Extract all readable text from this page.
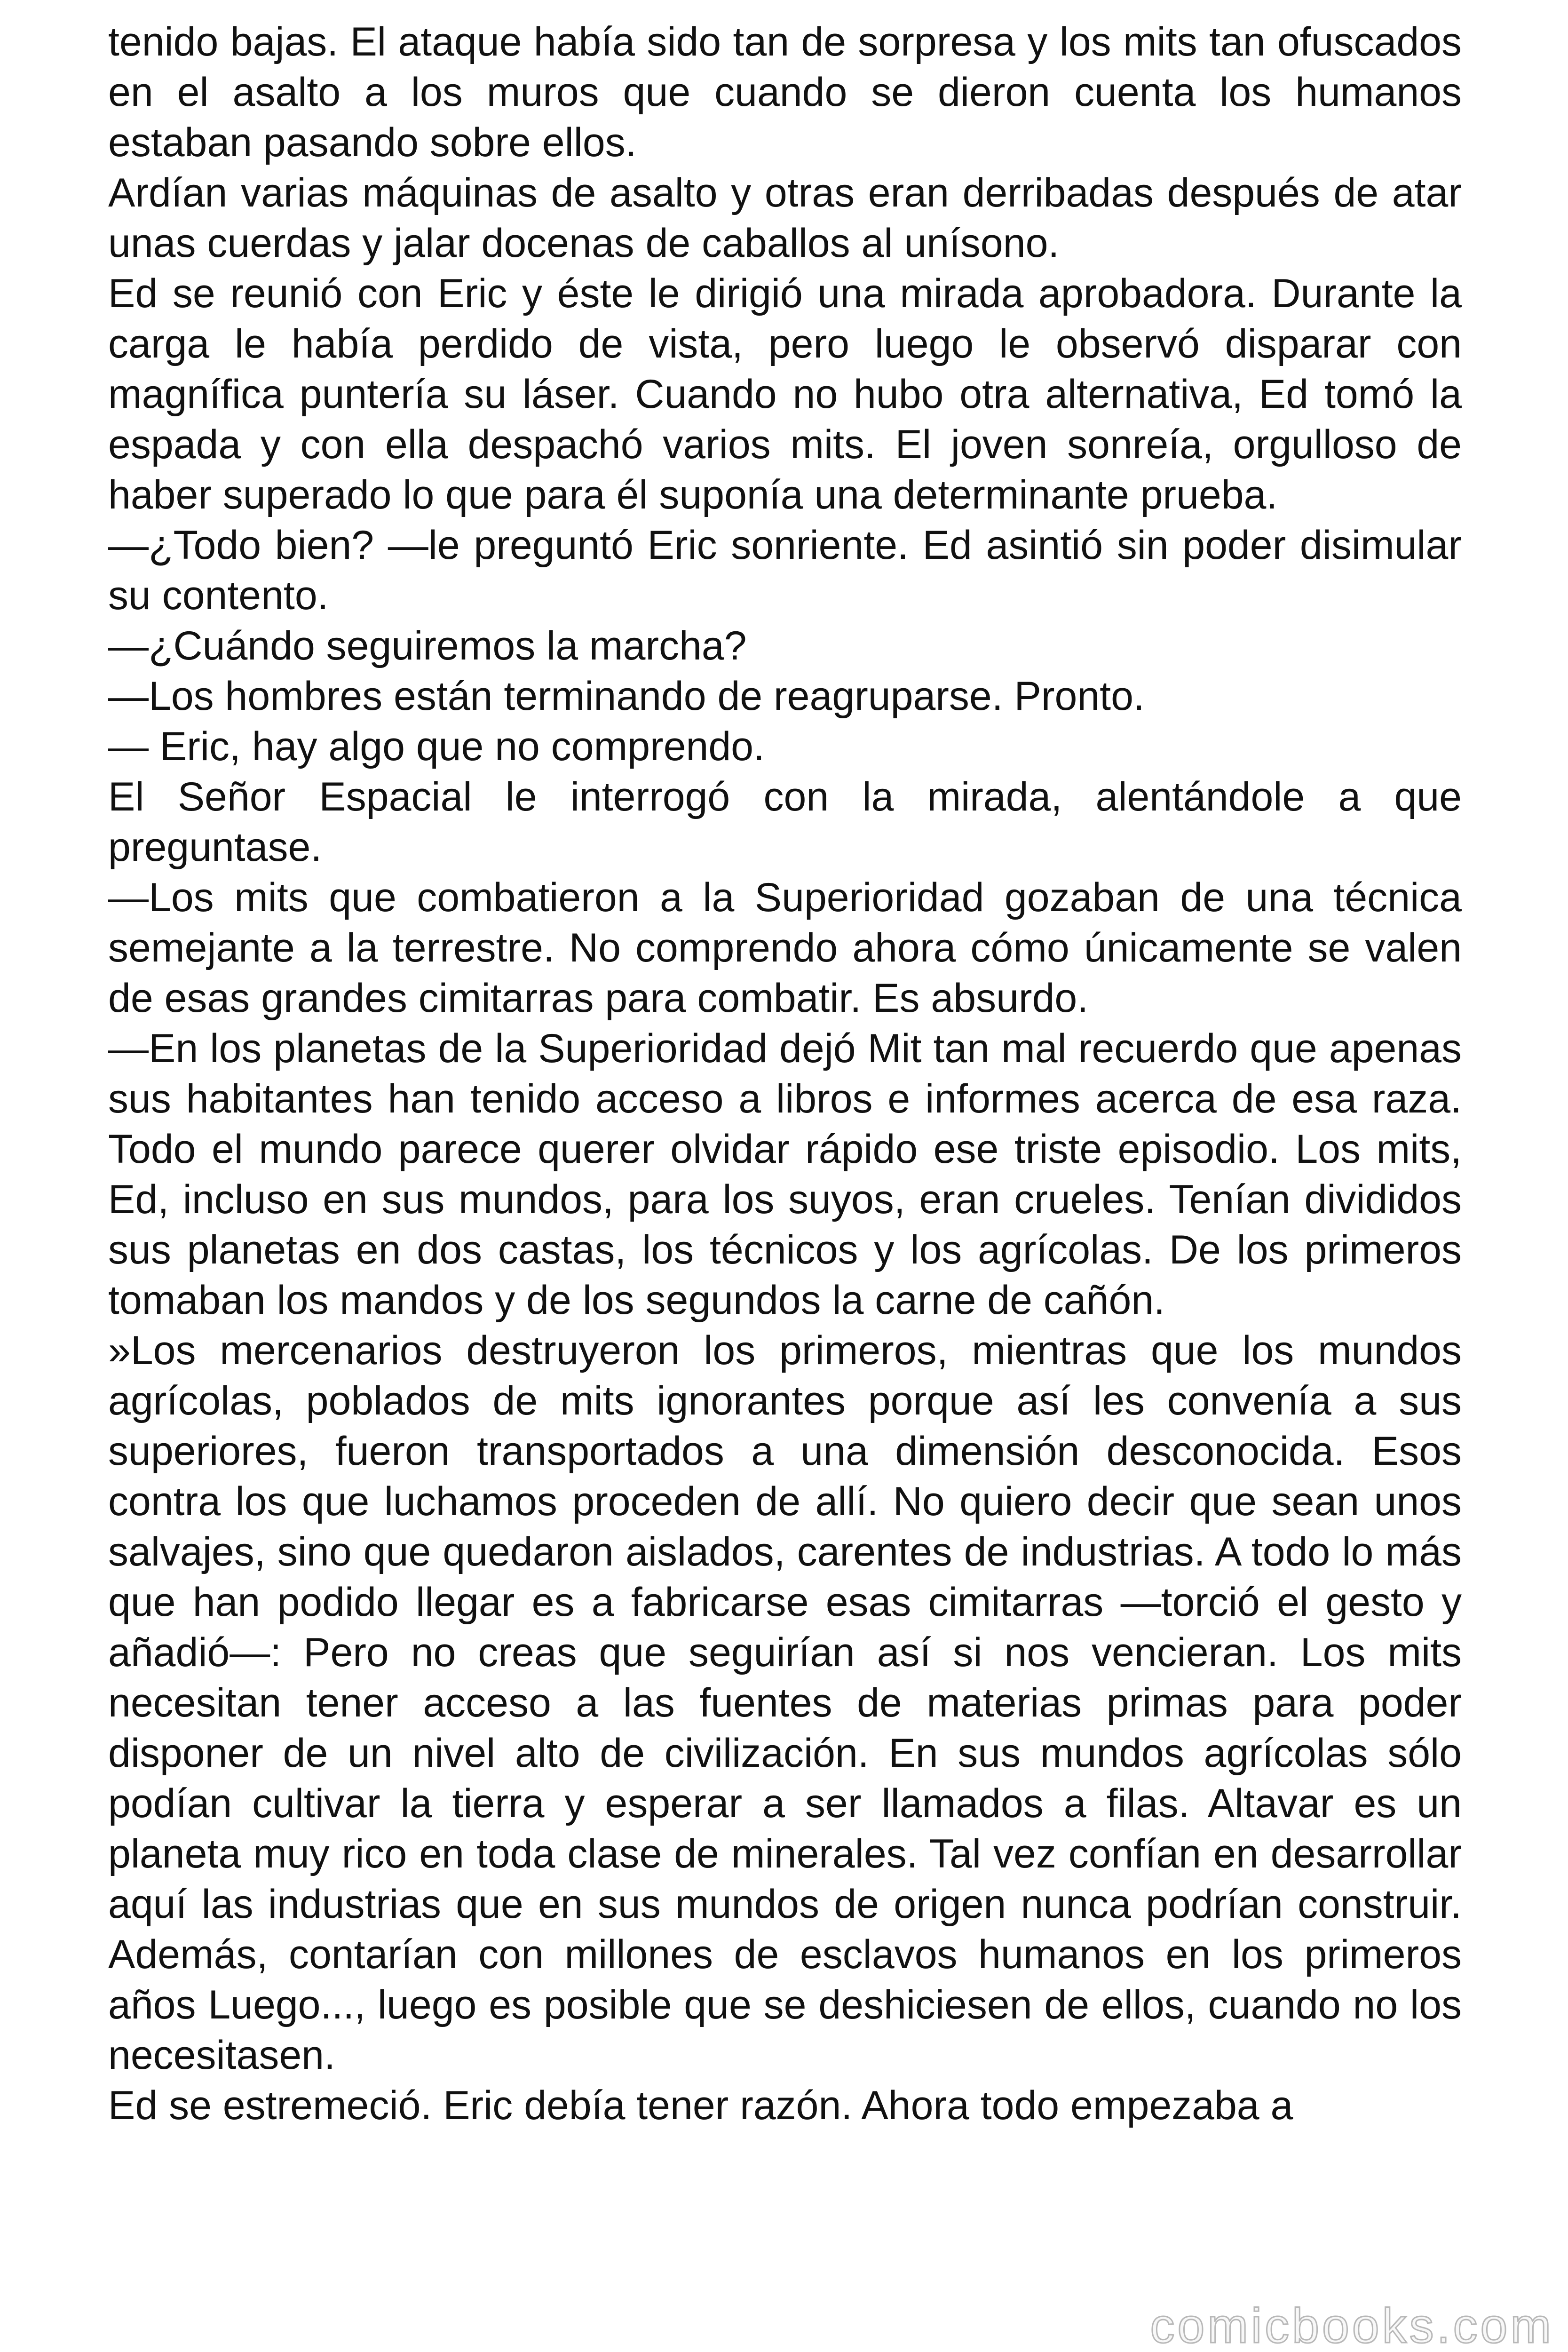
tenido bajas. El ataque había sido tan de sorpresa y los mits tan ofuscados en el asalto a los muros que cuando se dieron cuenta los humanos estaban pasando sobre ellos.

Ardían varias máquinas de asalto y otras eran derribadas después de atar unas cuerdas y jalar docenas de caballos al unísono.

Ed se reunió con Eric y éste le dirigió una mirada aprobadora. Durante la carga le había perdido de vista, pero luego le observó disparar con magnífica puntería su láser. Cuando no hubo otra alternativa, Ed tomó la espada y con ella despachó varios mits. El joven sonreía, orgulloso de haber superado lo que para él suponía una determinante prueba.

—¿Todo bien? —le preguntó Eric sonriente. Ed asintió sin poder disimular su contento.

—¿Cuándo seguiremos la marcha?

—Los hombres están terminando de reagruparse. Pronto.

— Eric, hay algo que no comprendo.

El Señor Espacial le interrogó con la mirada, alentándole a que preguntase.

—Los mits que combatieron a la Superioridad gozaban de una técnica semejante a la terrestre. No comprendo ahora cómo únicamente se valen de esas grandes cimitarras para combatir. Es absurdo.

—En los planetas de la Superioridad dejó Mit tan mal recuerdo que apenas sus habitantes han tenido acceso a libros e informes acerca de esa raza. Todo el mundo parece querer olvidar rápido ese triste episodio. Los mits, Ed, incluso en sus mundos, para los suyos, eran crueles. Tenían divididos sus planetas en dos castas, los técnicos y los agrícolas. De los primeros tomaban los mandos y de los segundos la carne de cañón.

»Los mercenarios destruyeron los primeros, mientras que los mundos agrícolas, poblados de mits ignorantes porque así les convenía a sus superiores, fueron transportados a una dimensión desconocida. Esos contra los que luchamos proceden de allí. No quiero decir que sean unos salvajes, sino que quedaron aislados, carentes de industrias. A todo lo más que han podido llegar es a fabricarse esas cimitarras —torció el gesto y añadió—: Pero no creas que seguirían así si nos vencieran. Los mits necesitan tener acceso a las fuentes de materias primas para poder disponer de un nivel alto de civilización. En sus mundos agrícolas sólo podían cultivar la tierra y esperar a ser llamados a filas. Altavar es un planeta muy rico en toda clase de minerales. Tal vez confían en desarrollar aquí las industrias que en sus mundos de origen nunca podrían construir. Además, contarían con millones de esclavos humanos en los primeros años Luego..., luego es posible que se deshiciesen de ellos, cuando no los necesitasen.

Ed se estremeció. Eric debía tener razón. Ahora todo empezaba a

comicbooks.com
